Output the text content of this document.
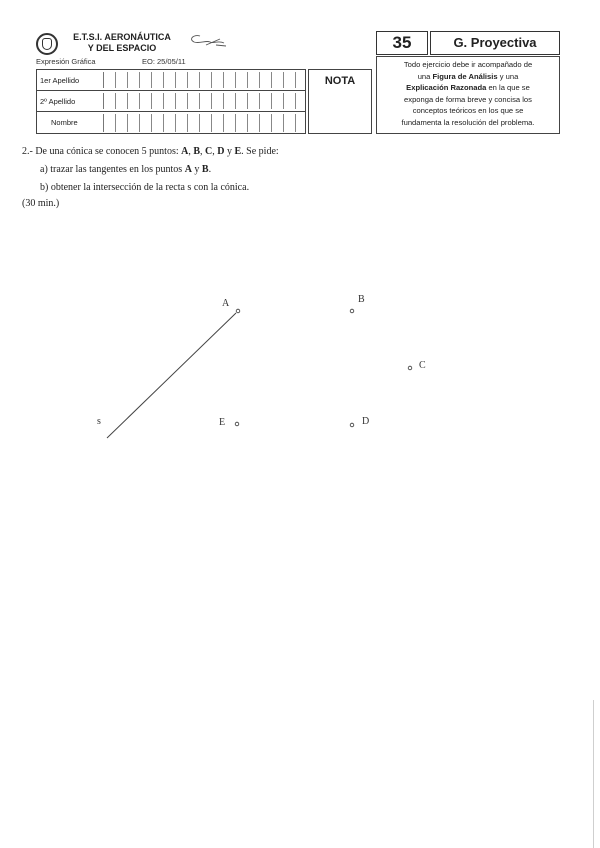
E.T.S.I. AERONÁUTICA
Y DEL ESPACIO
Expresión Gráfica	EO: 25/05/11
1er Apellido
2º Apellido
Nombre
NOTA
35	G. Proyectiva
Todo ejercicio debe ir acompañado de
una Figura de Análisis y una
Explicación Razonada en la que se
exponga de forma breve y concisa los
conceptos teóricos en los que se
fundamenta la resolución del problema.
2.- De una cónica se conocen 5 puntos: A, B, C, D y E. Se pide:
a) trazar las tangentes en los puntos A y B.
b) obtener la intersección de la recta s con la cónica.
(30 min.)
s
A	B
C
E	D
